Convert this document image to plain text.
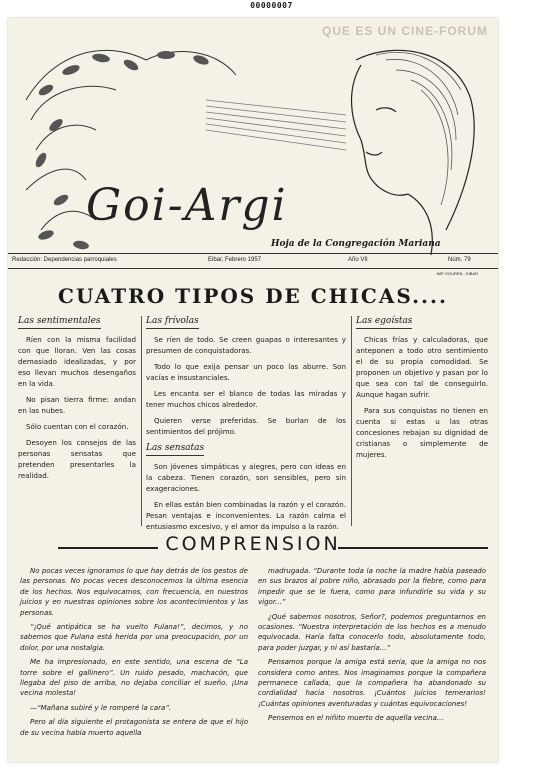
00000007
QUE ES UN CINE-FORUM
Goi-Argi
Hoja de la Congregación Mariana
Redacción: Dependencias parroquiales	Eibar, Febrero 1957	Año VII	Núm. 79
IMP. EGUREN - EIBAR
CUATRO TIPOS DE CHICAS....
Las sentimentales

Ríen con la misma facilidad con que lloran. Ven las cosas demasiado idealizadas, y por eso llevan muchos desengaños en la vida.

No pisan tierra firme: andan en las nubes.

Sólo cuentan con el corazón.

Desoyen los consejos de las personas sensatas que pretenden presentarles la realidad.

Las frívolas

Se ríen de todo. Se creen guapas o interesantes y presumen de conquistadoras.

Todo lo que exija pensar un poco las aburre. Son vacías e insustanciales.

Les encanta ser el blanco de todas las miradas y tener muchos chicos alrededor.

Quieren verse preferidas. Se burlan de los sentimientos del prójimo.

Las sensatas

Son jóvenes simpáticas y alegres, pero con ideas en la cabeza. Tienen corazón, son sensibles, pero sin exageraciones.

En ellas están bien combinadas la razón y el corazón. Pesan ventajas e inconvenientes. La razón calma el entusiasmo excesivo, y el amor da impulso a la razón.

Las egoístas

Chicas frías y calculadoras, que anteponen a todo otro sentimiento el de su propia comodidad. Se proponen un objetivo y pasan por lo que sea con tal de conseguirlo. Aunque hagan sufrir.

Para sus conquistas no tienen en cuenta si estas u las otras concesiones rebajan su dignidad de cristianas o simplemente de mujeres.

COMPRENSION

No pocas veces ignoramos lo que hay detrás de los gestos de las personas. No pocas veces desconocemos la última esencia de los hechos. Nos equivocamos, con frecuencia, en nuestros juicios y en nuestras opiniones sobre los acontecimientos y las personas.

“¡Qué antipática se ha vuelto Fulana!”, decimos, y no sabemos que Fulana está herida por una preocupación, por un dolor, por una nostalgia.

Me ha impresionado, en este sentido, una escena de “La torre sobre el gallinero”. Un ruido pesado, machacón, que llegaba del piso de arriba, no dejaba conciliar el sueño. ¡Una vecina molesta!

—“Mañana subiré y le romperé la cara”.

Pero al día siguiente el protagonista se entera de que el hijo de su vecina había muerto aquella

madrugada. “Durante toda la noche la madre había paseado en sus brazos al pobre niño, abrasado por la fiebre, como para impedir que se le fuera, como para infundirle su vida y su vigor...”

¿Qué sabemos nosotros, Señor?, podemos preguntarnos en ocasiones. “Nuestra interpretación de los hechos es a menudo equivocada. Haría falta conocerlo todo, absolutamente todo, para poder juzgar, y ni así bastaría...”

Pensamos porque la amiga está seria, que la amiga no nos considera como antes. Nos imaginamos porque la compañera permanece callada, que la compañera ha abandonado su cordialidad hacia nosotros. ¡Cuántos juicios temerarios! ¡Cuántas opiniones aventuradas y cuántas equivocaciones!

Pensemos en el niñito muerto de aquella vecina...
